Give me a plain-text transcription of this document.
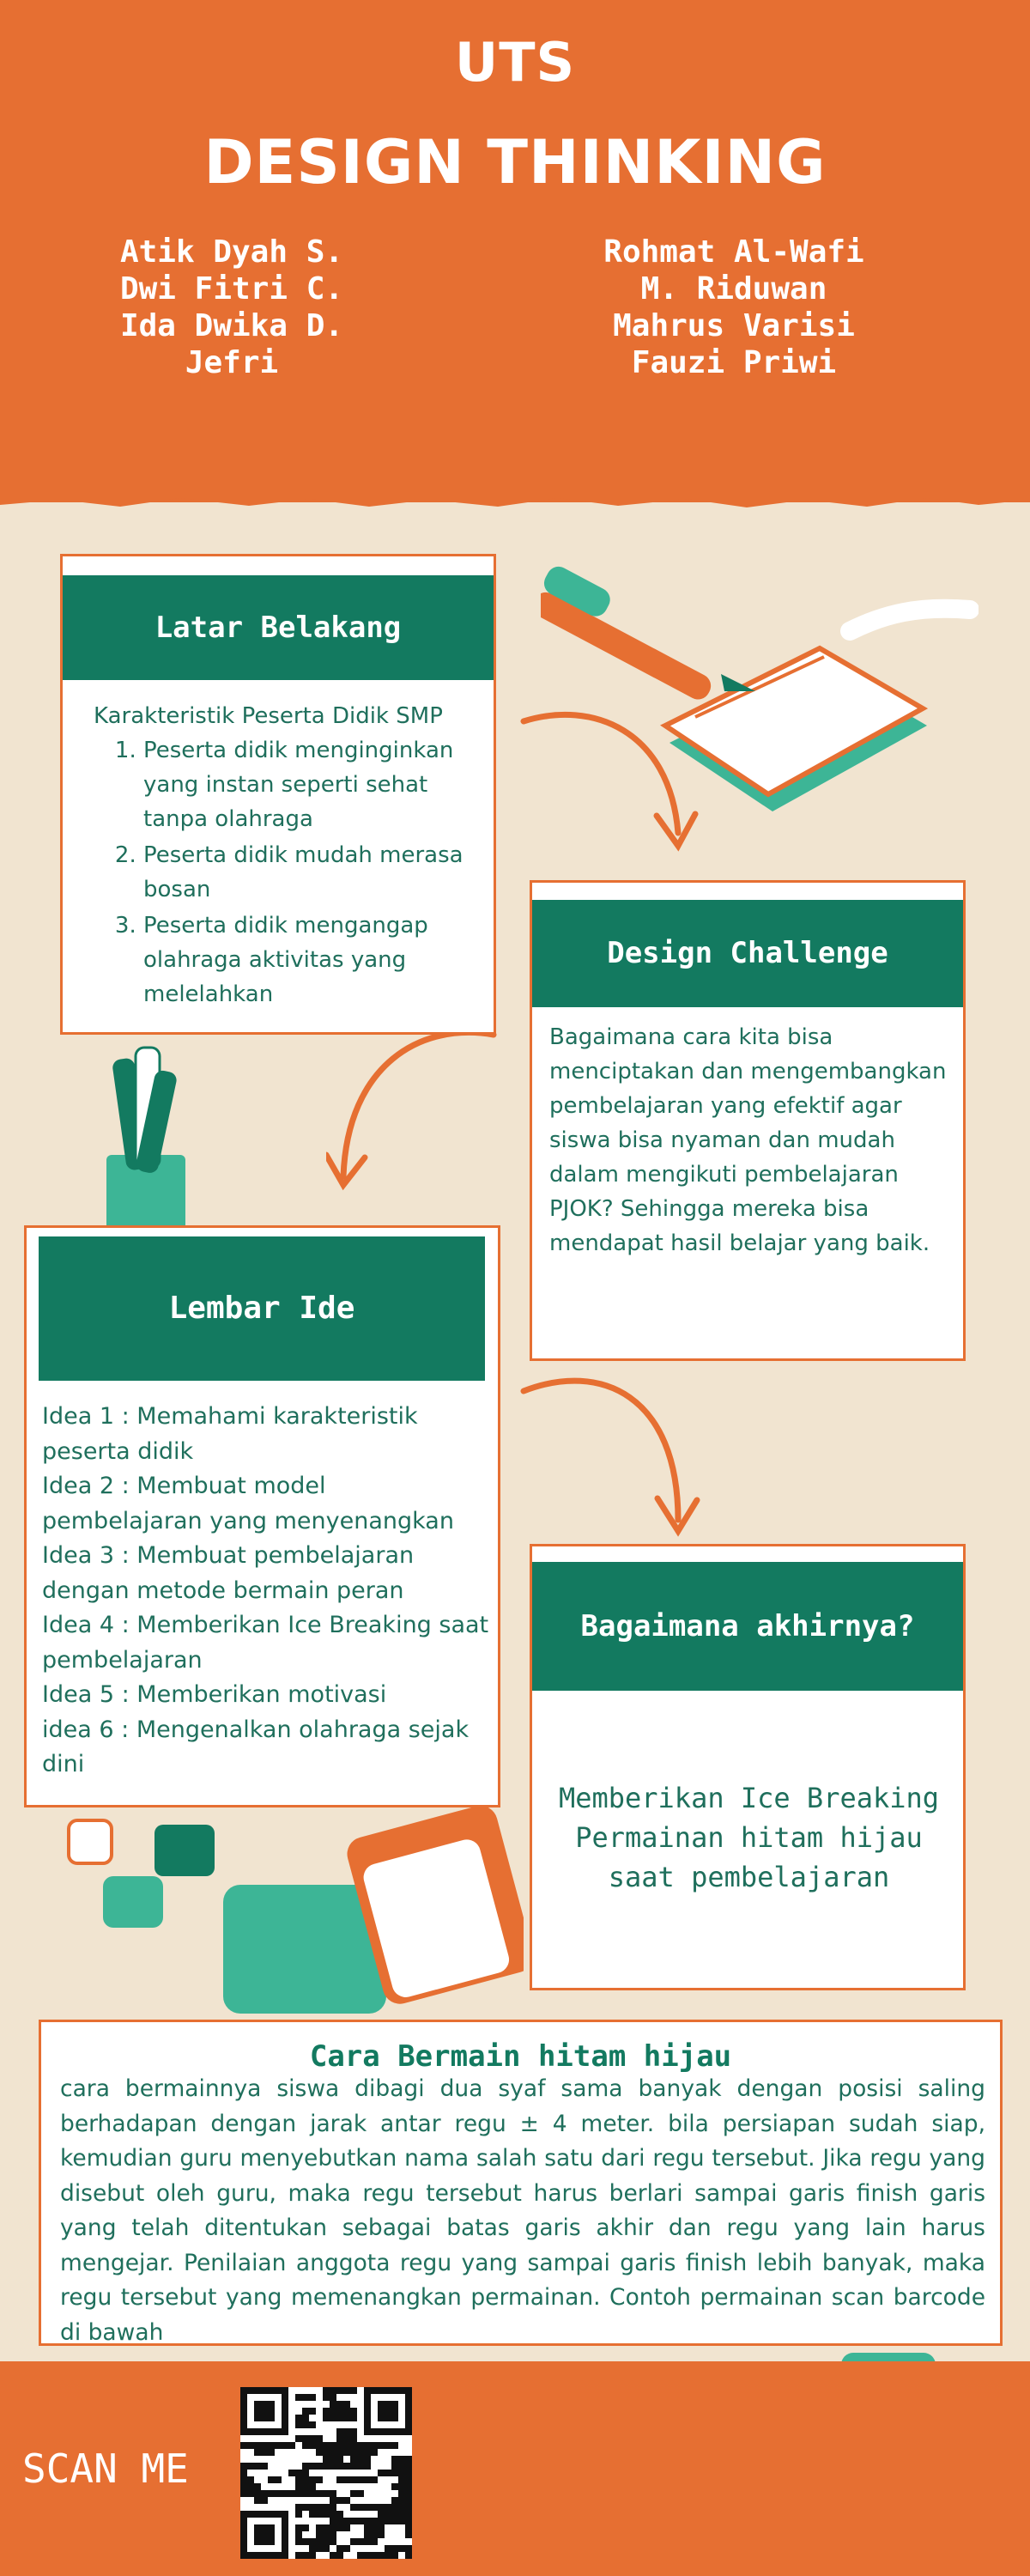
UTS
DESIGN THINKING
Atik Dyah S.
Dwi Fitri C.
Ida Dwika D.
Jefri
Rohmat Al-Wafi
M. Riduwan
Mahrus Varisi
Fauzi Priwi
Latar Belakang
Karakteristik Peserta Didik SMP
1. Peserta didik menginginkan yang instan seperti sehat tanpa olahraga
2. Peserta didik mudah merasa bosan
3. Peserta didik mengangap olahraga aktivitas yang melelahkan
Design Challenge
Bagaimana cara kita bisa menciptakan dan mengembangkan pembelajaran yang efektif agar siswa bisa nyaman dan mudah dalam mengikuti pembelajaran PJOK? Sehingga mereka bisa mendapat hasil belajar yang baik.
Lembar Ide
Idea 1 : Memahami karakteristik peserta didik
Idea 2 : Membuat model pembelajaran yang menyenangkan
Idea 3 : Membuat pembelajaran dengan metode bermain peran
Idea 4 : Memberikan Ice Breaking saat pembelajaran
Idea 5 : Memberikan motivasi
idea 6 : Mengenalkan olahraga sejak dini
Bagaimana akhirnya?
Memberikan Ice Breaking Permainan hitam hijau saat pembelajaran
Cara Bermain hitam hijau
cara bermainnya siswa dibagi dua syaf sama banyak dengan posisi saling berhadapan dengan jarak antar regu ± 4 meter. bila persiapan sudah siap, kemudian guru menyebutkan nama salah satu dari regu tersebut. Jika regu yang disebut oleh guru, maka regu tersebut harus berlari sampai garis finish garis yang telah ditentukan sebagai batas garis akhir dan regu yang lain harus mengejar. Penilaian anggota regu yang sampai garis finish lebih banyak, maka regu tersebut yang memenangkan permainan. Contoh permainan scan barcode di bawah
SCAN ME
